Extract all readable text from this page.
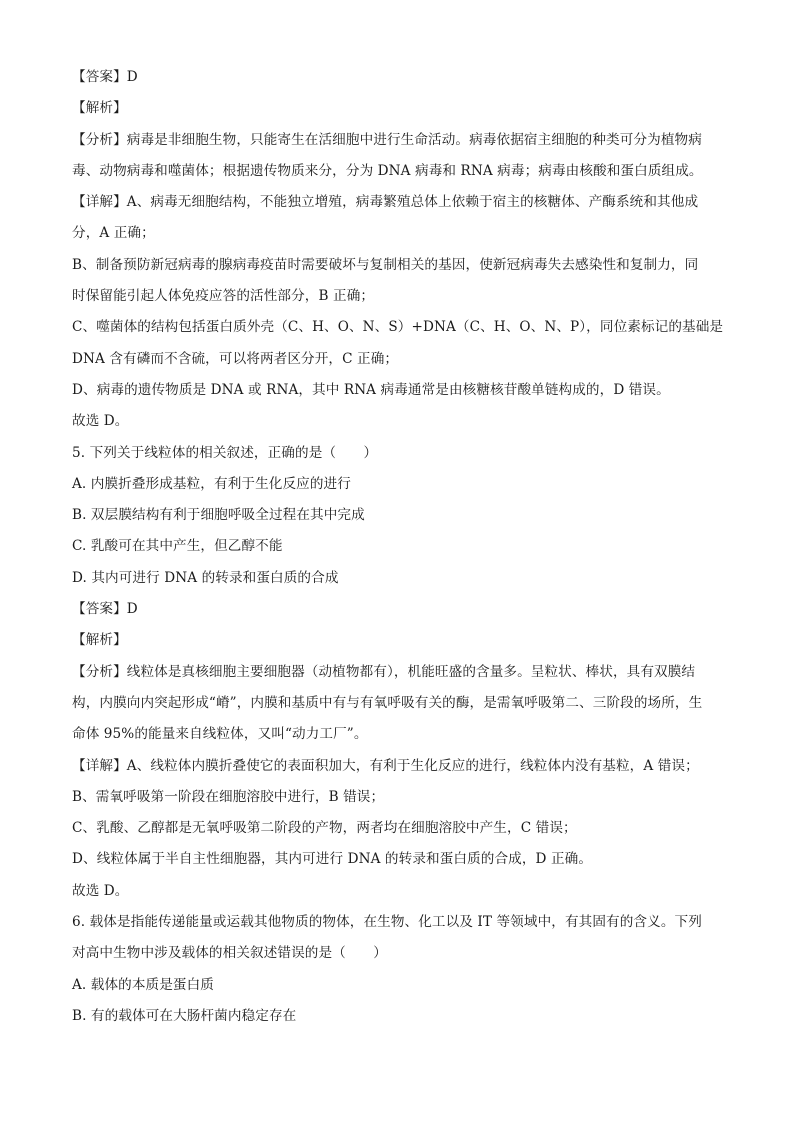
【答案】D
【解析】
【分析】病毒是非细胞生物，只能寄生在活细胞中进行生命活动。病毒依据宿主细胞的种类可分为植物病
毒、动物病毒和噬菌体；根据遗传物质来分，分为 DNA 病毒和 RNA 病毒；病毒由核酸和蛋白质组成。
【详解】A、病毒无细胞结构，不能独立增殖，病毒繁殖总体上依赖于宿主的核糖体、产酶系统和其他成
分，A 正确；
B、制备预防新冠病毒的腺病毒疫苗时需要破坏与复制相关的基因，使新冠病毒失去感染性和复制力，同
时保留能引起人体免疫应答的活性部分，B 正确；
C、噬菌体的结构包括蛋白质外壳（C、H、O、N、S）+DNA（C、H、O、N、P），同位素标记的基础是
DNA 含有磷而不含硫，可以将两者区分开，C 正确；
D、病毒的遗传物质是 DNA 或 RNA，其中 RNA 病毒通常是由核糖核苷酸单链构成的，D 错误。
故选 D。
5. 下列关于线粒体的相关叙述，正确的是（　　）
A. 内膜折叠形成基粒，有利于生化反应的进行
B. 双层膜结构有利于细胞呼吸全过程在其中完成
C. 乳酸可在其中产生，但乙醇不能
D. 其内可进行 DNA 的转录和蛋白质的合成
【答案】D
【解析】
【分析】线粒体是真核细胞主要细胞器（动植物都有），机能旺盛的含量多。呈粒状、棒状，具有双膜结
构，内膜向内突起形成“嵴”，内膜和基质中有与有氧呼吸有关的酶，是需氧呼吸第二、三阶段的场所，生
命体 95%的能量来自线粒体，又叫“动力工厂”。
【详解】A、线粒体内膜折叠使它的表面积加大，有利于生化反应的进行，线粒体内没有基粒，A 错误；
B、需氧呼吸第一阶段在细胞溶胶中进行，B 错误；
C、乳酸、乙醇都是无氧呼吸第二阶段的产物，两者均在细胞溶胶中产生，C 错误；
D、线粒体属于半自主性细胞器，其内可进行 DNA 的转录和蛋白质的合成，D 正确。
故选 D。
6. 载体是指能传递能量或运载其他物质的物体，在生物、化工以及 IT 等领域中，有其固有的含义。下列
对高中生物中涉及载体的相关叙述错误的是（　　）
A. 载体的本质是蛋白质
B. 有的载体可在大肠杆菌内稳定存在
